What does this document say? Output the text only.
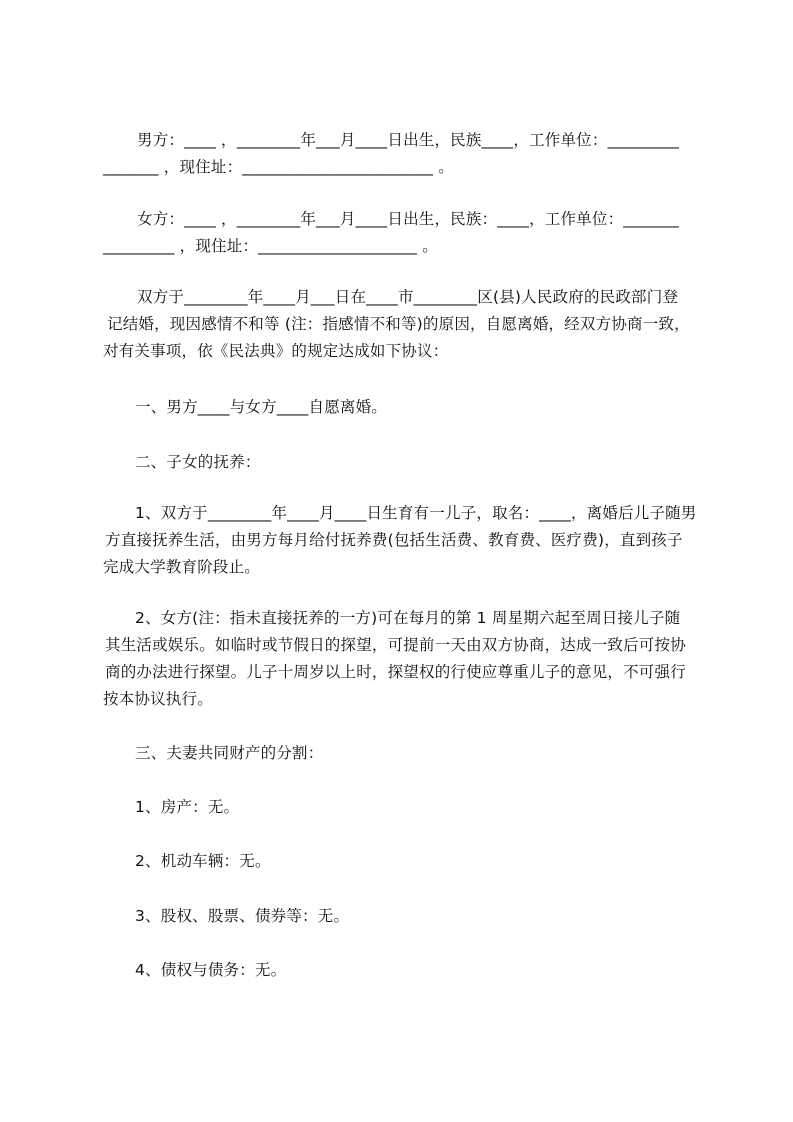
男方：____ ，________年___月____日出生，民族____，工作单位：_________
_______ ，现住址：________________________ 。
女方：____ ，________年___月____日出生，民族：____，工作单位：_______
_________ ，现住址：____________________ 。
双方于________年____月___日在____市________区(县)人民政府的民政部门登
记结婚，现因感情不和等 (注：指感情不和等)的原因，自愿离婚，经双方协商一致，
对有关事项，依《民法典》的规定达成如下协议：
一、男方____与女方____自愿离婚。
二、子女的抚养：
1、双方于________年____月____日生育有一儿子，取名：____，离婚后儿子随男
方直接抚养生活，由男方每月给付抚养费(包括生活费、教育费、医疗费)，直到孩子
完成大学教育阶段止。
2、女方(注：指未直接抚养的一方)可在每月的第 1 周星期六起至周日接儿子随
其生活或娱乐。如临时或节假日的探望，可提前一天由双方协商，达成一致后可按协
商的办法进行探望。儿子十周岁以上时，探望权的行使应尊重儿子的意见，不可强行
按本协议执行。
三、夫妻共同财产的分割：
1、房产：无。
2、机动车辆：无。
3、股权、股票、债券等：无。
4、债权与债务：无。
